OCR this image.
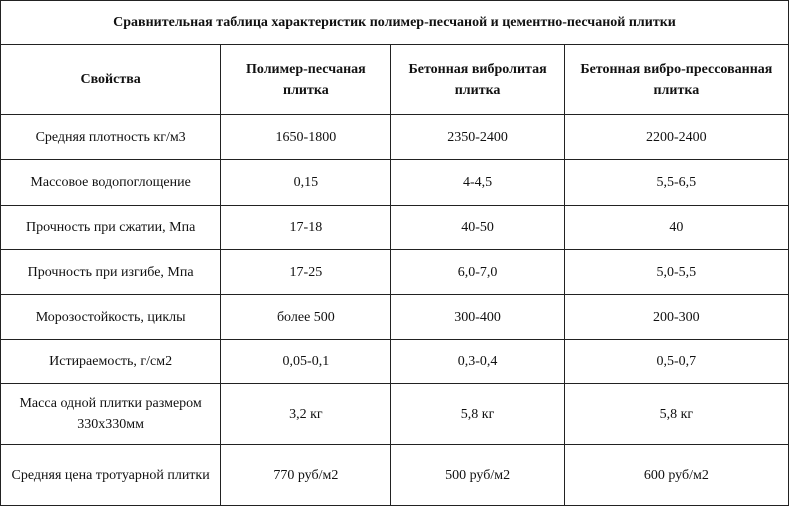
Сравнительная таблица характеристик полимер-песчаной и цементно-песчаной плитки			
Свойства	Полимер-песчаная плитка	Бетонная вибролитая плитка	Бетонная вибро-прессованная плитка
Средняя плотность кг/м3	1650-1800	2350-2400	2200-2400
Массовое водопоглощение	0,15	4-4,5	5,5-6,5
Прочность при сжатии, Мпа	17-18	40-50	40
Прочность при изгибе, Мпа	17-25	6,0-7,0	5,0-5,5
Морозостойкость, циклы	более 500	300-400	200-300
Истираемость, г/см2	0,05-0,1	0,3-0,4	0,5-0,7
Масса одной плитки размером 330х330мм	3,2 кг	5,8 кг	5,8 кг
Средняя цена тротуарной плитки	770 руб/м2	500 руб/м2	600 руб/м2
